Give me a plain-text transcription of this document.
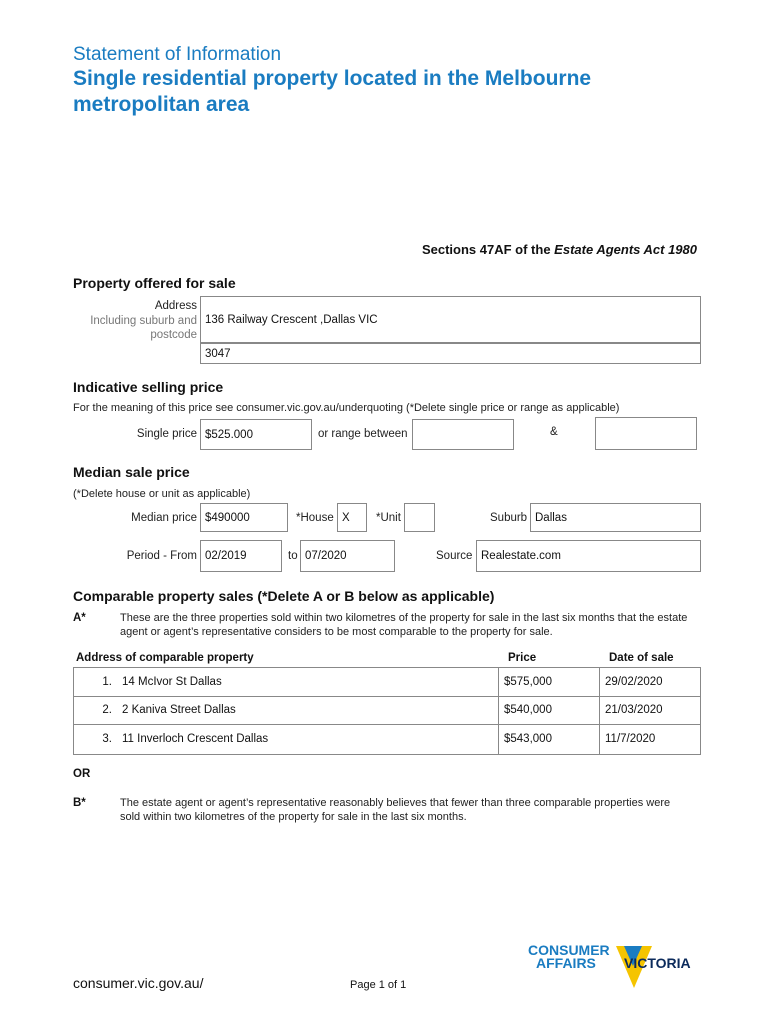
Statement of Information
Single residential property located in the Melbourne metropolitan area
Sections 47AF of the Estate Agents Act 1980
Property offered for sale
Address
Including suburb and
postcode
136 Railway Crescent ,Dallas VIC
3047
Indicative selling price
For the meaning of this price see consumer.vic.gov.au/underquoting (*Delete single price or range as applicable)
Single price $525.000	or range between	&
Median sale price
(*Delete house or unit as applicable)
Median price $490000	*House X *Unit	Suburb Dallas
Period - From 02/2019	to 07/2020	Source Realestate.com
Comparable property sales (*Delete A or B below as applicable)
A*	These are the three properties sold within two kilometres of the property for sale in the last six months that the estate agent or agent’s representative considers to be most comparable to the property for sale.
Address of comparable property	Price	Date of sale
1. 14 McIvor St Dallas	$575,000	29/02/2020
2. 2 Kaniva Street Dallas	$540,000	21/03/2020
3. 11 Inverloch Crescent Dallas	$543,000	11/7/2020
OR
B*	The estate agent or agent’s representative reasonably believes that fewer than three comparable properties were sold within two kilometres of the property for sale in the last six months.
consumer.vic.gov.au/	Page 1 of 1
CONSUMER
AFFAIRS VICTORIA
